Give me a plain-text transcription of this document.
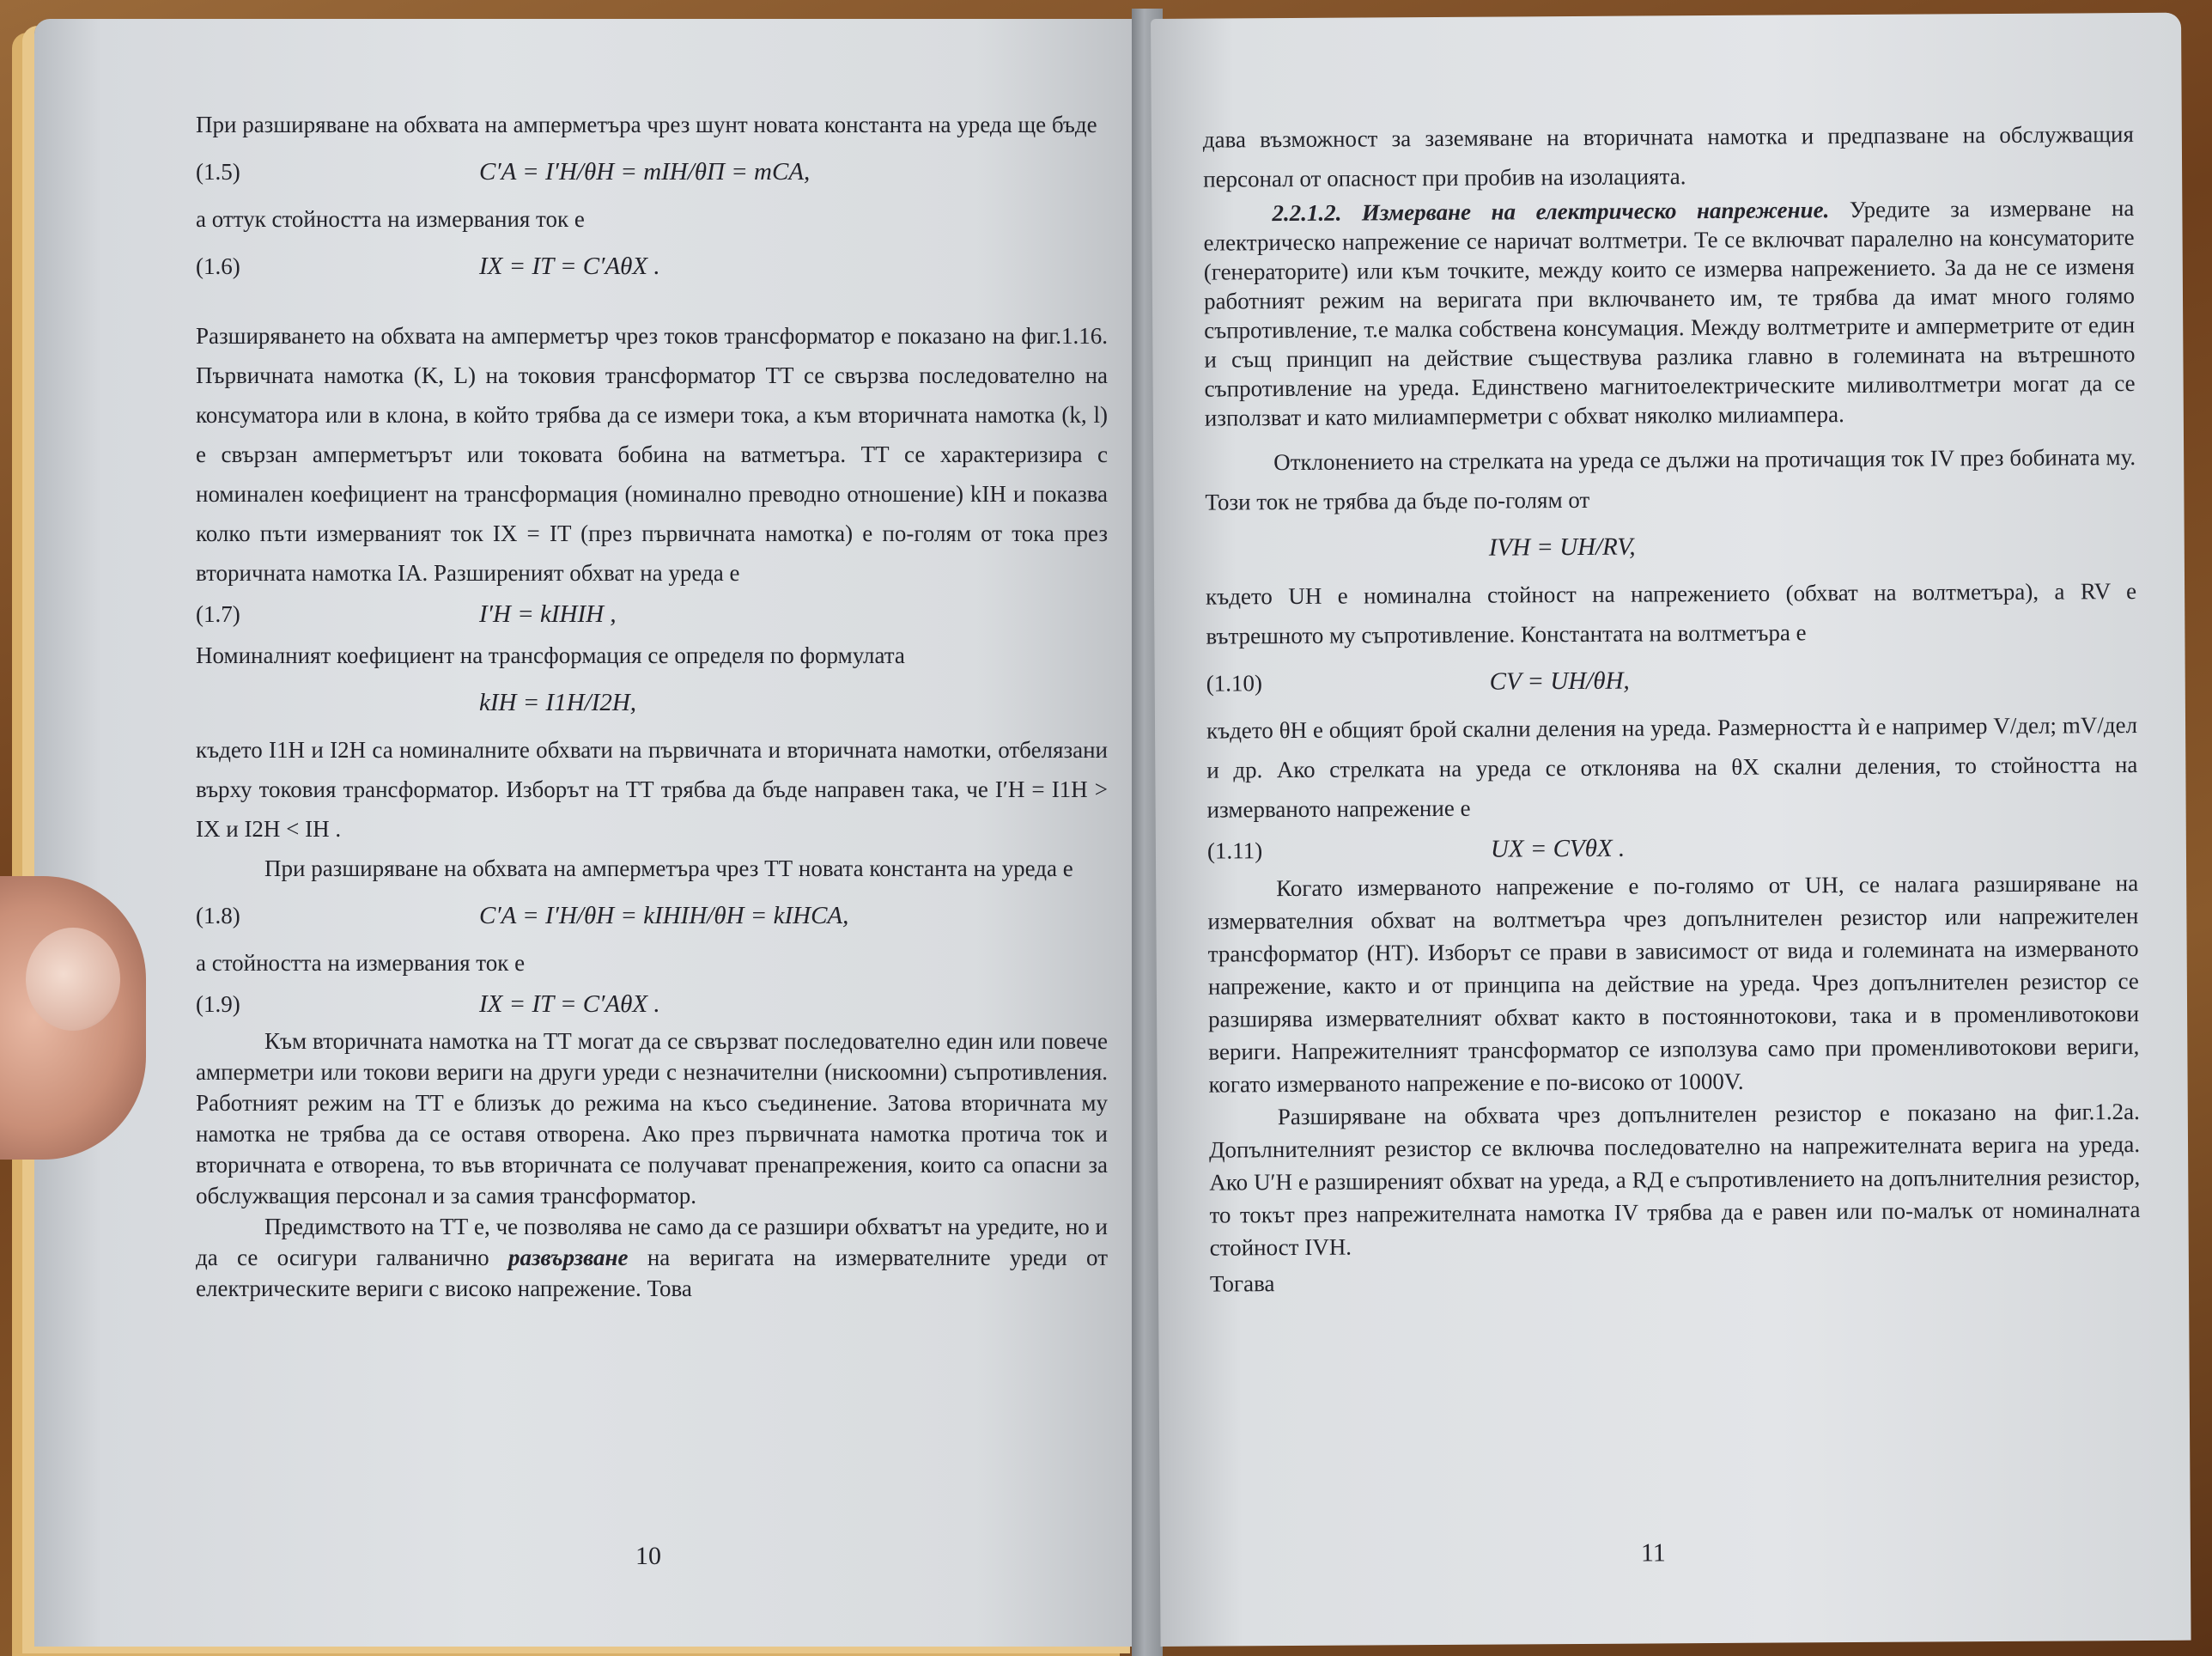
При разширяване на обхвата на амперметъра чрез шунт новата константа на уреда ще бъде

(1.5)	C′A = I′H/θH = mIH/θП = mCA,

а оттук стойността на измервания ток е

(1.6)	IX = IT = C′AθX .

Разширяването на обхвата на амперметър чрез токов трансформатор е показано на фиг.1.16. Първичната намотка (K, L) на токовия трансформатор ТТ се свързва последователно на консуматора или в клона, в който трябва да се измери тока, а към вторичната намотка (k, l) е свързан амперметърът или токовата бобина на ватметъра. ТТ се характеризира с номинален коефициент на трансформация (номинално преводно отношение) kIH и показва колко пъти измерваният ток IX = IT (през първичната намотка) е по-голям от тока през вторичната намотка IA. Разширеният обхват на уреда е

(1.7)	I′H = kIHIH ,

Номиналният коефициент на трансформация се определя по формулата

kIH = I1H/I2H,

където I1H и I2H са номиналните обхвати на първичната и вторичната намотки, отбелязани върху токовия трансформатор. Изборът на ТТ трябва да бъде направен така, че I′H = I1H > IX и I2H < IH .

При разширяване на обхвата на амперметъра чрез ТТ новата константа на уреда е

(1.8)	C′A = I′H/θH = kIHIH/θH = kIHCA,

а стойността на измервания ток е

(1.9)	IX = IT = C′AθX .

Към вторичната намотка на ТТ могат да се свързват последователно един или повече амперметри или токови вериги на други уреди с незначителни (нискоомни) съпротивления. Работният режим на ТТ е близък до режима на късо съединение. Затова вторичната му намотка не трябва да се оставя отворена. Ако през първичната намотка протича ток и вторичната е отворена, то във вторичната се получават пренапрежения, които са опасни за обслужващия персонал и за самия трансформатор.

Предимството на ТТ е, че позволява не само да се разшири обхватът на уредите, но и да се осигури галванично развързване на веригата на измервателните уреди от електрическите вериги с високо напрежение. Това

10

дава възможност за заземяване на вторичната намотка и предпазване на обслужващия персонал от опасност при пробив на изолацията.

2.2.1.2. Измерване на електрическо напрежение. Уредите за измерване на електрическо напрежение се наричат волтметри. Те се включват паралелно на консуматорите (генераторите) или към точките, между които се измерва напрежението. За да не се изменя работният режим на веригата при включването им, те трябва да имат много голямо съпротивление, т.е малка собствена консумация. Между волтметрите и амперметрите от един и същ принцип на действие съществува разлика главно в големината на вътрешното съпротивление на уреда. Единствено магнитоелектрическите миливолтметри могат да се използват и като милиамперметри с обхват няколко милиампера.

Отклонението на стрелката на уреда се дължи на протичащия ток IV през бобината му. Този ток не трябва да бъде по-голям от

IVH = UH/RV,

където UH е номинална стойност на напрежението (обхват на волтметъра), а RV е вътрешното му съпротивление. Константата на волтметъра е

(1.10)	CV = UH/θH,

където θH е общият брой скални деления на уреда. Размерността ѝ е например V/дел; mV/дел и др. Ако стрелката на уреда се отклонява на θX скални деления, то стойността на измерваното напрежение е

(1.11)	UX = CVθX .

Когато измерваното напрежение е по-голямо от UH, се налага разширяване на измервателния обхват на волтметъра чрез допълнителен резистор или напрежителен трансформатор (НТ). Изборът се прави в зависимост от вида и големината на измерваното напрежение, както и от принципа на действие на уреда. Чрез допълнителен резистор се разширява измервателният обхват както в постояннотокови, така и в променливотокови вериги. Напрежителният трансформатор се използува само при променливотокови вериги, когато измерваното напрежение е по-високо от 1000V.

Разширяване на обхвата чрез допълнителен резистор е показано на фиг.1.2а. Допълнителният резистор се включва последователно на напрежителната верига на уреда. Ако U′H е разширеният обхват на уреда, а RД е съпротивлението на допълнителния резистор, то токът през напрежителната намотка IV трябва да е равен или по-малък от номиналната стойност IVH.

Тогава

11
